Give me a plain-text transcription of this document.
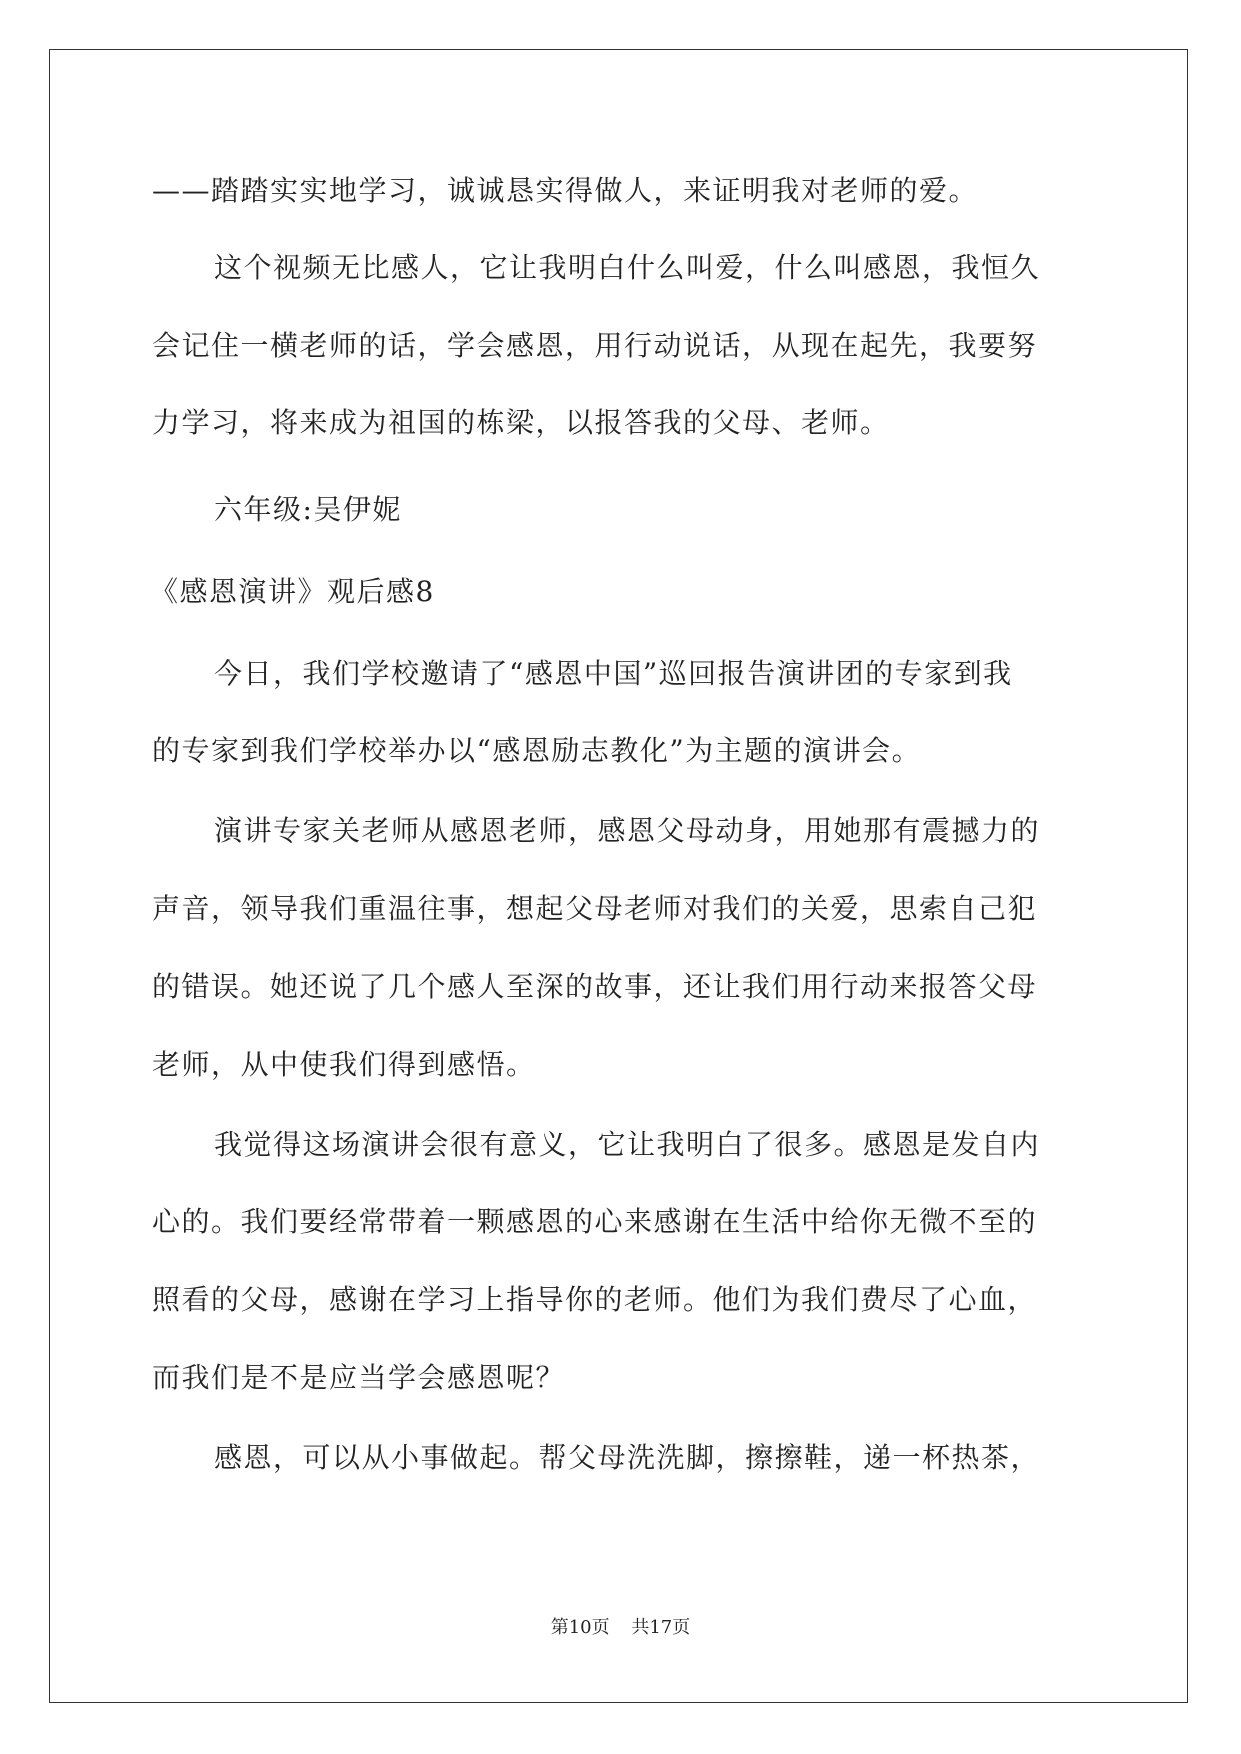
——踏踏实实地学习，诚诚恳实得做人，来证明我对老师的爱。
这个视频无比感人，它让我明白什么叫爱，什么叫感恩，我恒久
会记住一横老师的话，学会感恩，用行动说话，从现在起先，我要努
力学习，将来成为祖国的栋梁，以报答我的父母、老师。
六年级:吴伊妮
《感恩演讲》观后感8
今日，我们学校邀请了“感恩中国”巡回报告演讲团的专家到我
的专家到我们学校举办以“感恩励志教化”为主题的演讲会。
演讲专家关老师从感恩老师，感恩父母动身，用她那有震撼力的
声音，领导我们重温往事，想起父母老师对我们的关爱，思索自己犯
的错误。她还说了几个感人至深的故事，还让我们用行动来报答父母
老师，从中使我们得到感悟。
我觉得这场演讲会很有意义，它让我明白了很多。感恩是发自内
心的。我们要经常带着一颗感恩的心来感谢在生活中给你无微不至的
照看的父母，感谢在学习上指导你的老师。他们为我们费尽了心血，
而我们是不是应当学会感恩呢？
感恩，可以从小事做起。帮父母洗洗脚，擦擦鞋，递一杯热茶，
第10页 共17页
